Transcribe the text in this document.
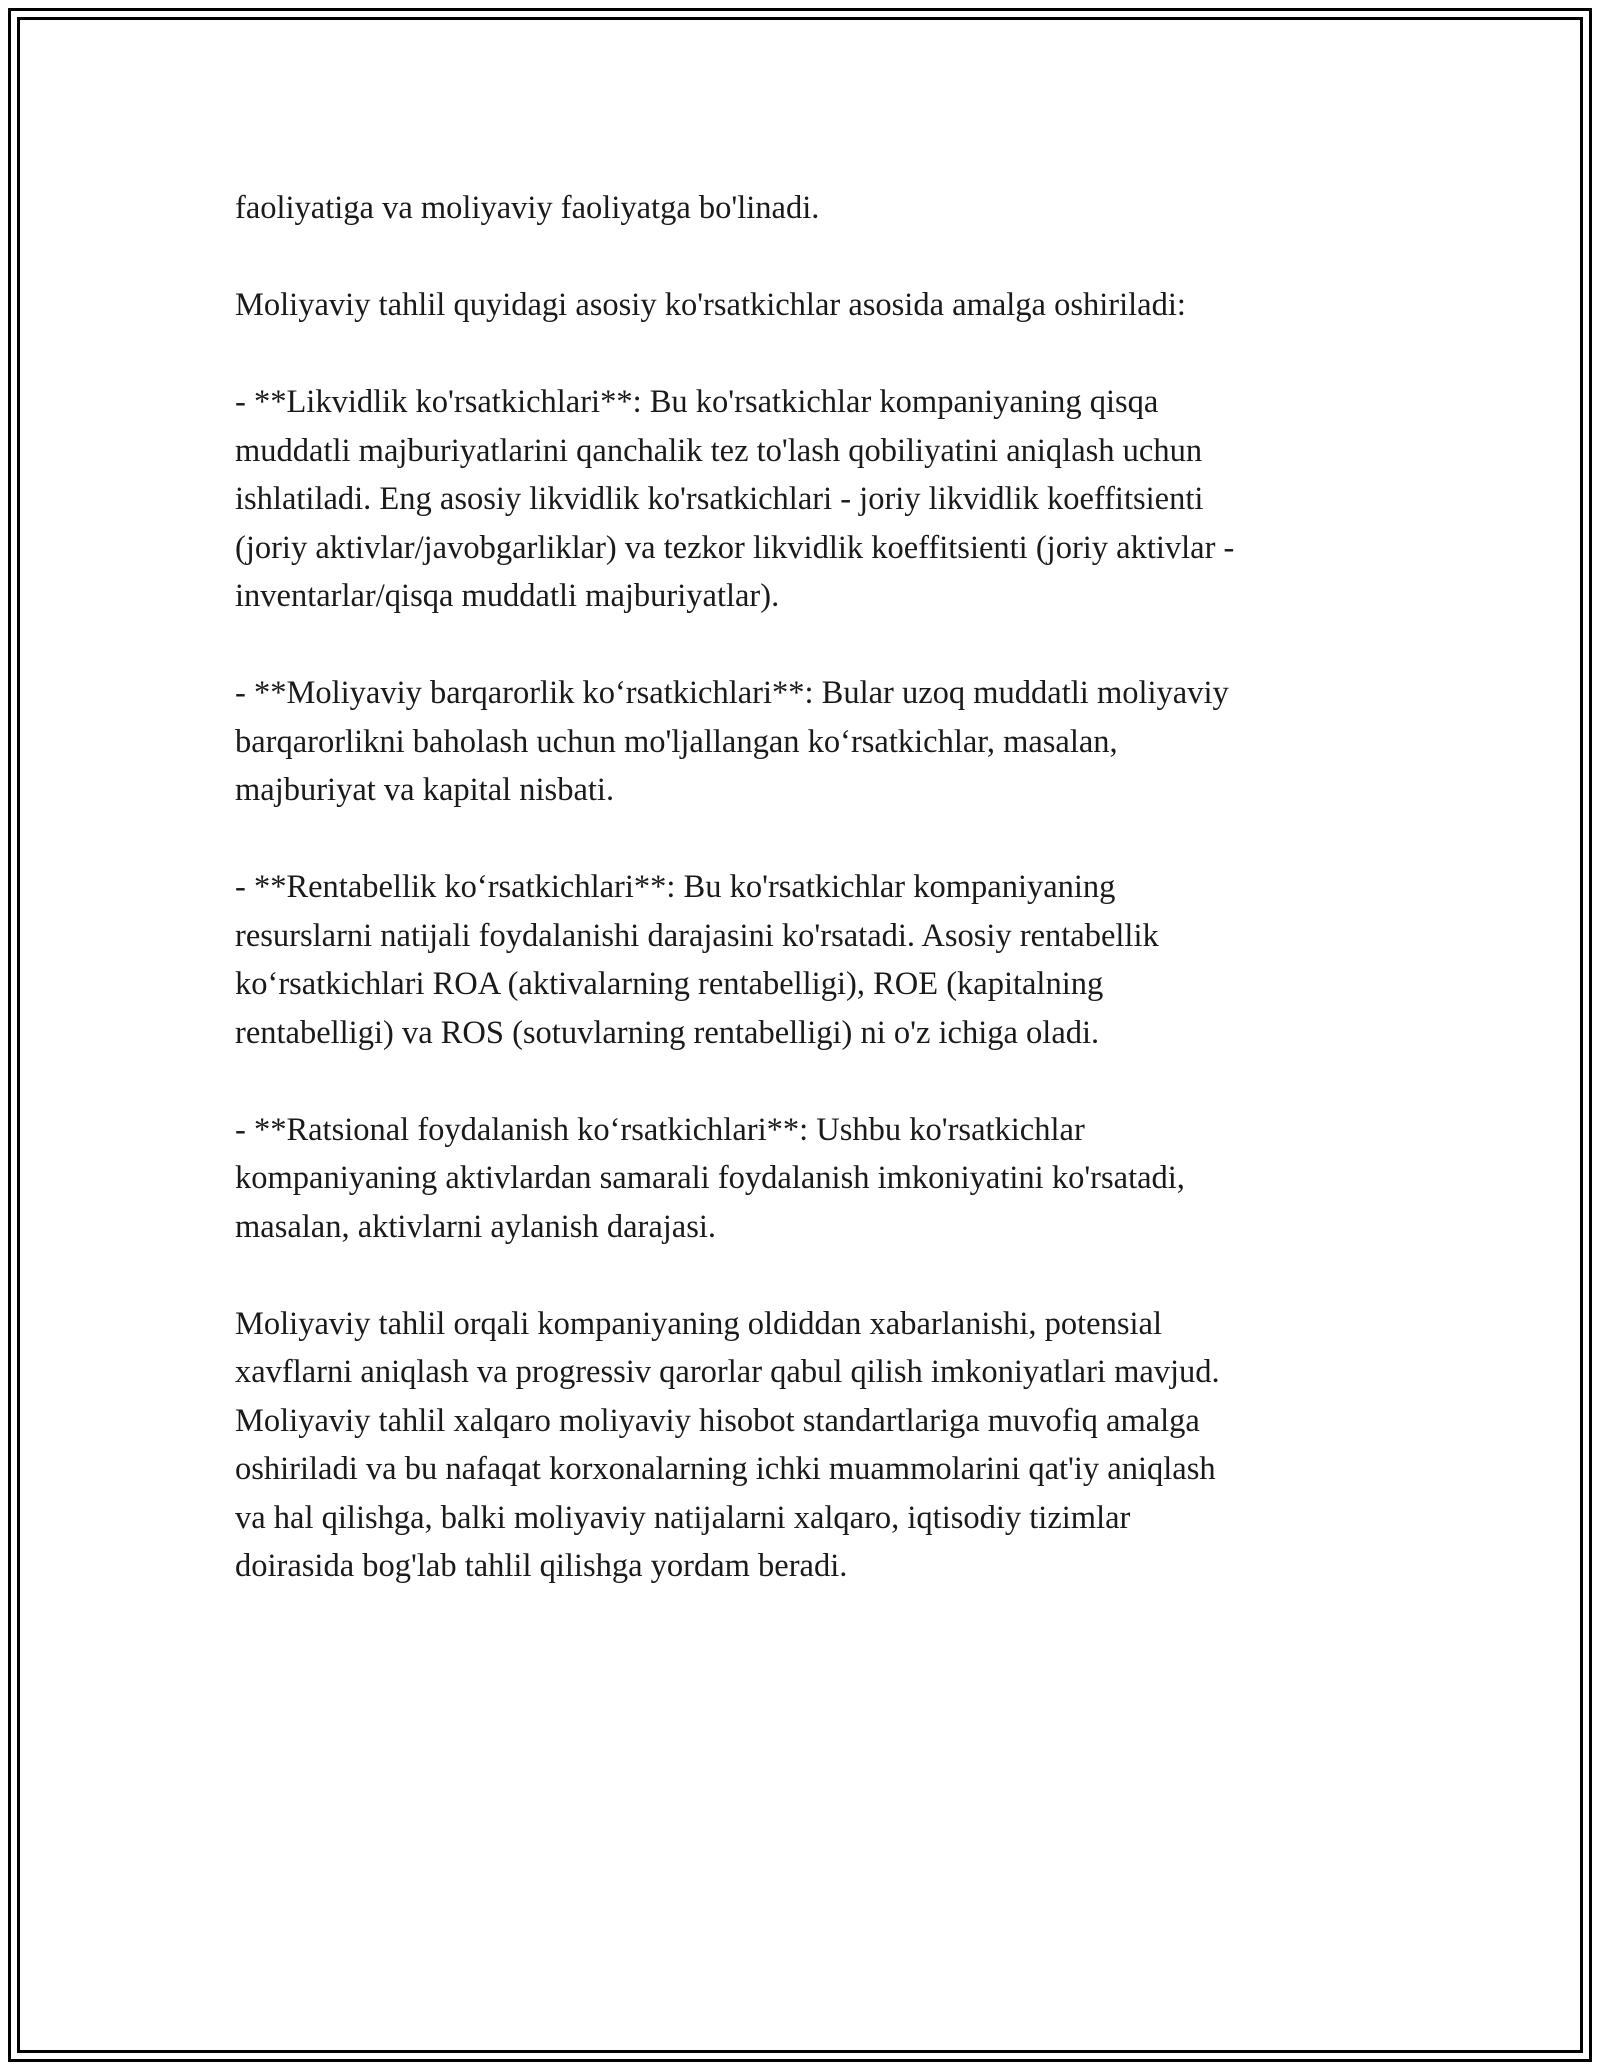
faoliyatiga va moliyaviy faoliyatga bo'linadi.

Moliyaviy tahlil quyidagi asosiy ko'rsatkichlar asosida amalga oshiriladi:

- **Likvidlik ko'rsatkichlari**: Bu ko'rsatkichlar kompaniyaning qisqa
muddatli majburiyatlarini qanchalik tez to'lash qobiliyatini aniqlash uchun
ishlatiladi. Eng asosiy likvidlik ko'rsatkichlari - joriy likvidlik koeffitsienti
(joriy aktivlar/javobgarliklar) va tezkor likvidlik koeffitsienti (joriy aktivlar -
inventarlar/qisqa muddatli majburiyatlar).

- **Moliyaviy barqarorlik koʻrsatkichlari**: Bular uzoq muddatli moliyaviy
barqarorlikni baholash uchun mo'ljallangan koʻrsatkichlar, masalan,
majburiyat va kapital nisbati.

- **Rentabellik koʻrsatkichlari**: Bu ko'rsatkichlar kompaniyaning
resurslarni natijali foydalanishi darajasini ko'rsatadi. Asosiy rentabellik
koʻrsatkichlari ROA (aktivalarning rentabelligi), ROE (kapitalning
rentabelligi) va ROS (sotuvlarning rentabelligi) ni o'z ichiga oladi.

- **Ratsional foydalanish koʻrsatkichlari**: Ushbu ko'rsatkichlar
kompaniyaning aktivlardan samarali foydalanish imkoniyatini ko'rsatadi,
masalan, aktivlarni aylanish darajasi.

Moliyaviy tahlil orqali kompaniyaning oldiddan xabarlanishi, potensial
xavflarni aniqlash va progressiv qarorlar qabul qilish imkoniyatlari mavjud.
Moliyaviy tahlil xalqaro moliyaviy hisobot standartlariga muvofiq amalga
oshiriladi va bu nafaqat korxonalarning ichki muammolarini qat'iy aniqlash
va hal qilishga, balki moliyaviy natijalarni xalqaro, iqtisodiy tizimlar
doirasida bog'lab tahlil qilishga yordam beradi.
